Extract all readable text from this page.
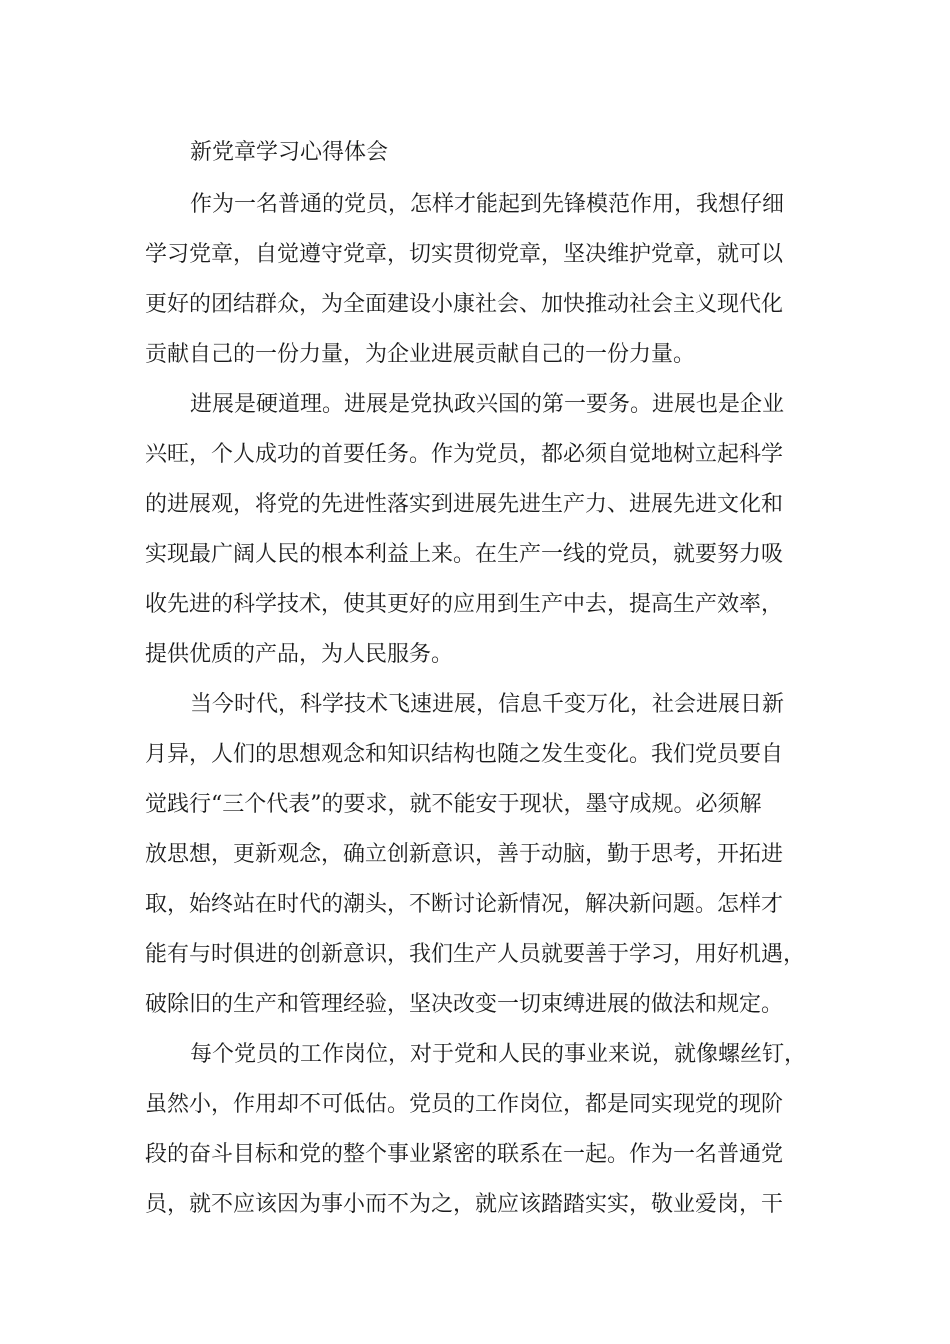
新党章学习心得体会
作为一名普通的党员，怎样才能起到先锋模范作用，我想仔细
学习党章，自觉遵守党章，切实贯彻党章，坚决维护党章，就可以
更好的团结群众，为全面建设小康社会、加快推动社会主义现代化
贡献自己的一份力量，为企业进展贡献自己的一份力量。
进展是硬道理。进展是党执政兴国的第一要务。进展也是企业
兴旺，个人成功的首要任务。作为党员，都必须自觉地树立起科学
的进展观，将党的先进性落实到进展先进生产力、进展先进文化和
实现最广阔人民的根本利益上来。在生产一线的党员，就要努力吸
收先进的科学技术，使其更好的应用到生产中去，提高生产效率，
提供优质的产品，为人民服务。
当今时代，科学技术飞速进展，信息千变万化，社会进展日新
月异，人们的思想观念和知识结构也随之发生变化。我们党员要自
觉践行“三个代表”的要求，就不能安于现状，墨守成规。必须解
放思想，更新观念，确立创新意识，善于动脑，勤于思考，开拓进
取，始终站在时代的潮头，不断讨论新情况，解决新问题。怎样才
能有与时俱进的创新意识，我们生产人员就要善于学习，用好机遇，
破除旧的生产和管理经验，坚决改变一切束缚进展的做法和规定。
每个党员的工作岗位，对于党和人民的事业来说，就像螺丝钉，
虽然小，作用却不可低估。党员的工作岗位，都是同实现党的现阶
段的奋斗目标和党的整个事业紧密的联系在一起。作为一名普通党
员，就不应该因为事小而不为之，就应该踏踏实实，敬业爱岗，干
